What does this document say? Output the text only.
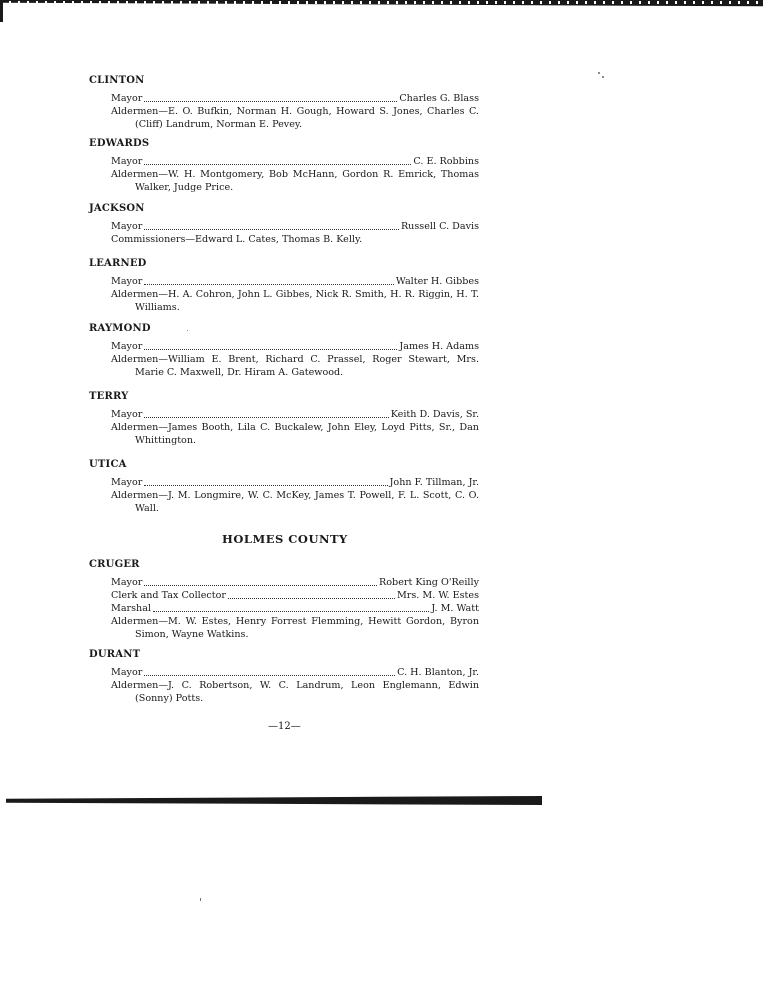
CLINTON
Mayor	Charles G. Blass
Aldermen—E. O. Bufkin, Norman H. Gough, Howard S. Jones, Charles C. (Cliff) Landrum, Norman E. Pevey.
EDWARDS
Mayor	C. E. Robbins
Aldermen—W. H. Montgomery, Bob McHann, Gordon R. Emrick, Thomas Walker, Judge Price.
JACKSON
Mayor	Russell C. Davis
Commissioners—Edward L. Cates, Thomas B. Kelly.
LEARNED
Mayor	Walter H. Gibbes
Aldermen—H. A. Cohron, John L. Gibbes, Nick R. Smith, H. R. Riggin, H. T. Williams.
RAYMOND
Mayor	James H. Adams
Aldermen—William E. Brent, Richard C. Prassel, Roger Stewart, Mrs. Marie C. Maxwell, Dr. Hiram A. Gatewood.
TERRY
Mayor	Keith D. Davis, Sr.
Aldermen—James Booth, Lila C. Buckalew, John Eley, Loyd Pitts, Sr., Dan Whittington.
UTICA
Mayor	John F. Tillman, Jr.
Aldermen—J. M. Longmire, W. C. McKey, James T. Powell, F. L. Scott, C. O. Wall.
HOLMES COUNTY
CRUGER
Mayor	Robert King O'Reilly
Clerk and Tax Collector	Mrs. M. W. Estes
Marshal	J. M. Watt
Aldermen—M. W. Estes, Henry Forrest Flemming, Hewitt Gordon, Byron Simon, Wayne Watkins.
DURANT
Mayor	C. H. Blanton, Jr.
Aldermen—J. C. Robertson, W. C. Landrum, Leon Englemann, Edwin (Sonny) Potts.
—12—
